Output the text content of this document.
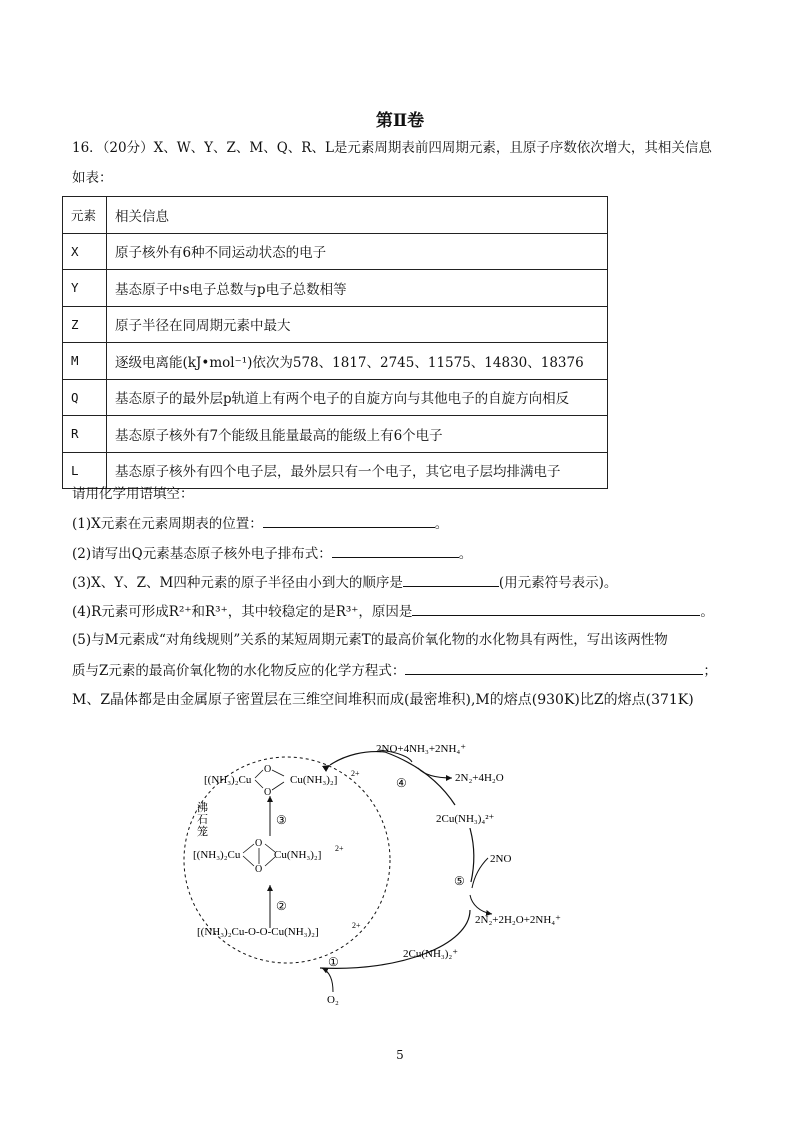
第Ⅱ卷
16．（20分）X、W、Y、Z、M、Q、R、L是元素周期表前四周期元素，且原子序数依次增大，其相关信息
如表：
元素	相关信息
X	原子核外有6种不同运动状态的电子
Y	基态原子中s电子总数与p电子总数相等
Z	原子半径在同周期元素中最大
M	逐级电离能(kJ•mol⁻¹)依次为578、1817、2745、11575、14830、18376
Q	基态原子的最外层p轨道上有两个电子的自旋方向与其他电子的自旋方向相反
R	基态原子核外有7个能级且能量最高的能级上有6个电子
L	基态原子核外有四个电子层，最外层只有一个电子，其它电子层均排满电子
请用化学用语填空：
(1)X元素在元素周期表的位置：	。
(2)请写出Q元素基态原子核外电子排布式：	。
(3)X、Y、Z、M四种元素的原子半径由小到大的顺序是	(用元素符号表示)。
(4)R元素可形成R²⁺和R³⁺，其中较稳定的是R³⁺，原因是	。
(5)与M元素成“对角线规则”关系的某短周期元素T的最高价氧化物的水化物具有两性，写出该两性物
质与Z元素的最高价氧化物的水化物反应的化学方程式：	；
M、Z晶体都是由金属原子密置层在三维空间堆积而成(最密堆积),M的熔点(930K)比Z的熔点(371K)
[(NH₃)₂Cu	Cu(NH₃)₂]
2+
O
O
[(NH₃)₂Cu	Cu(NH₃)₂]
2+
O
O
[(NH₃)₂Cu-O-O-Cu(NH₃)₂]
2+
沸
石
笼
①
②
③
④
⑤
2NO+4NH₃+2NH₄⁺
2N₂+4H₂O
2Cu(NH₃)₄²⁺
2NO
2N₂+2H₂O+2NH₄⁺
2Cu(NH₃)₂⁺
O₂
5
